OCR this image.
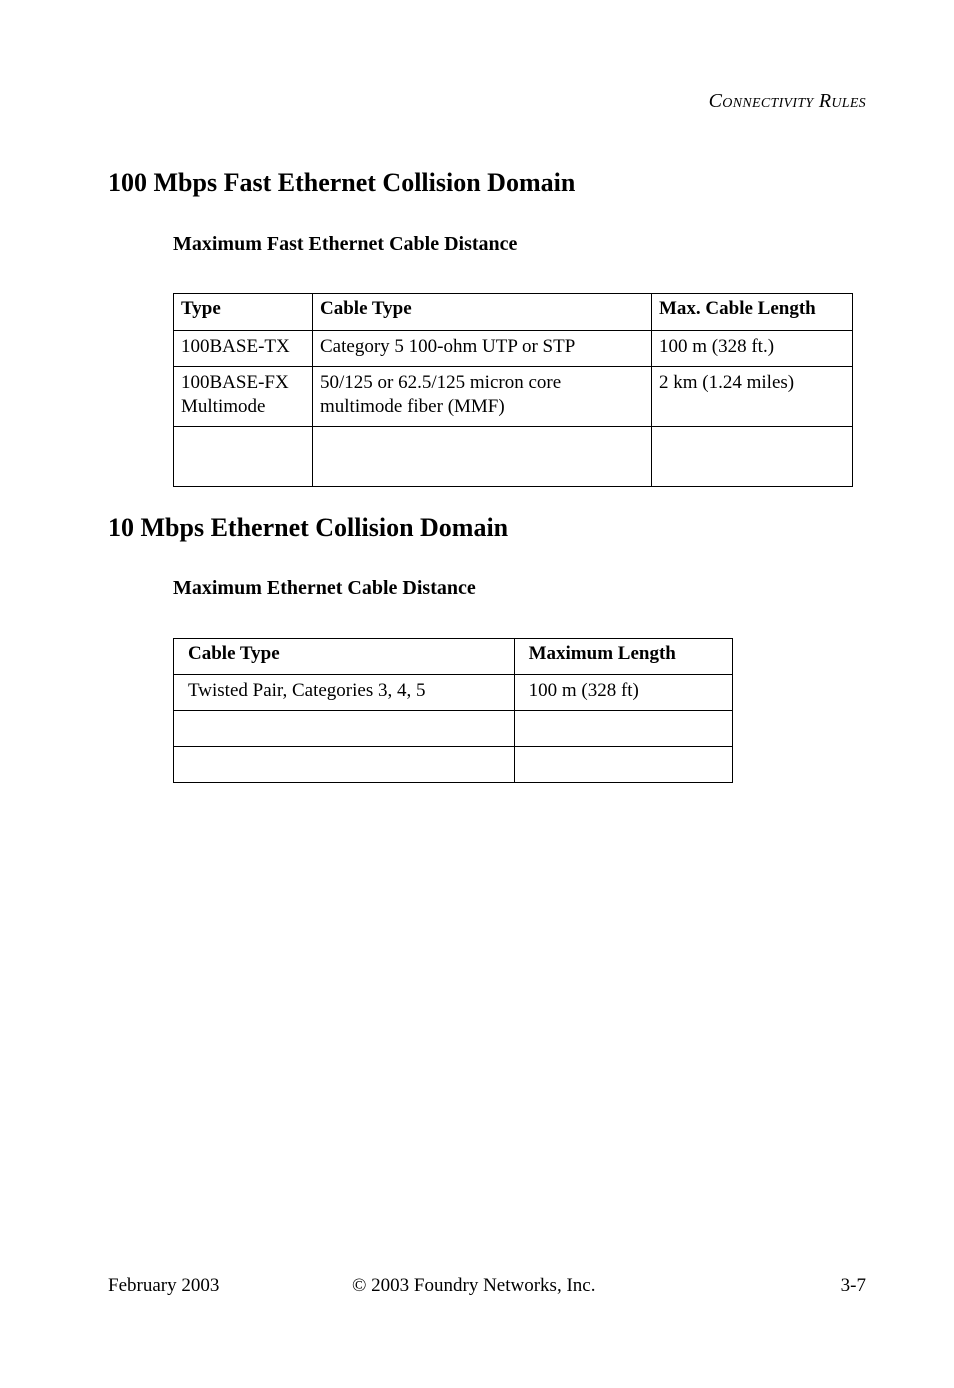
Connectivity Rules
100 Mbps Fast Ethernet Collision Domain
Maximum Fast Ethernet Cable Distance
Type	Cable Type	Max. Cable Length
100BASE-TX	Category 5 100-ohm UTP or STP	100 m (328 ft.)
100BASE-FX Multimode	50/125 or 62.5/125 micron core multimode fiber (MMF)	2 km (1.24 miles)

10 Mbps Ethernet Collision Domain
Maximum Ethernet Cable Distance
Cable Type	Maximum Length
Twisted Pair, Categories 3, 4, 5	100 m (328 ft)

February 2003	© 2003 Foundry Networks, Inc.	3-7
